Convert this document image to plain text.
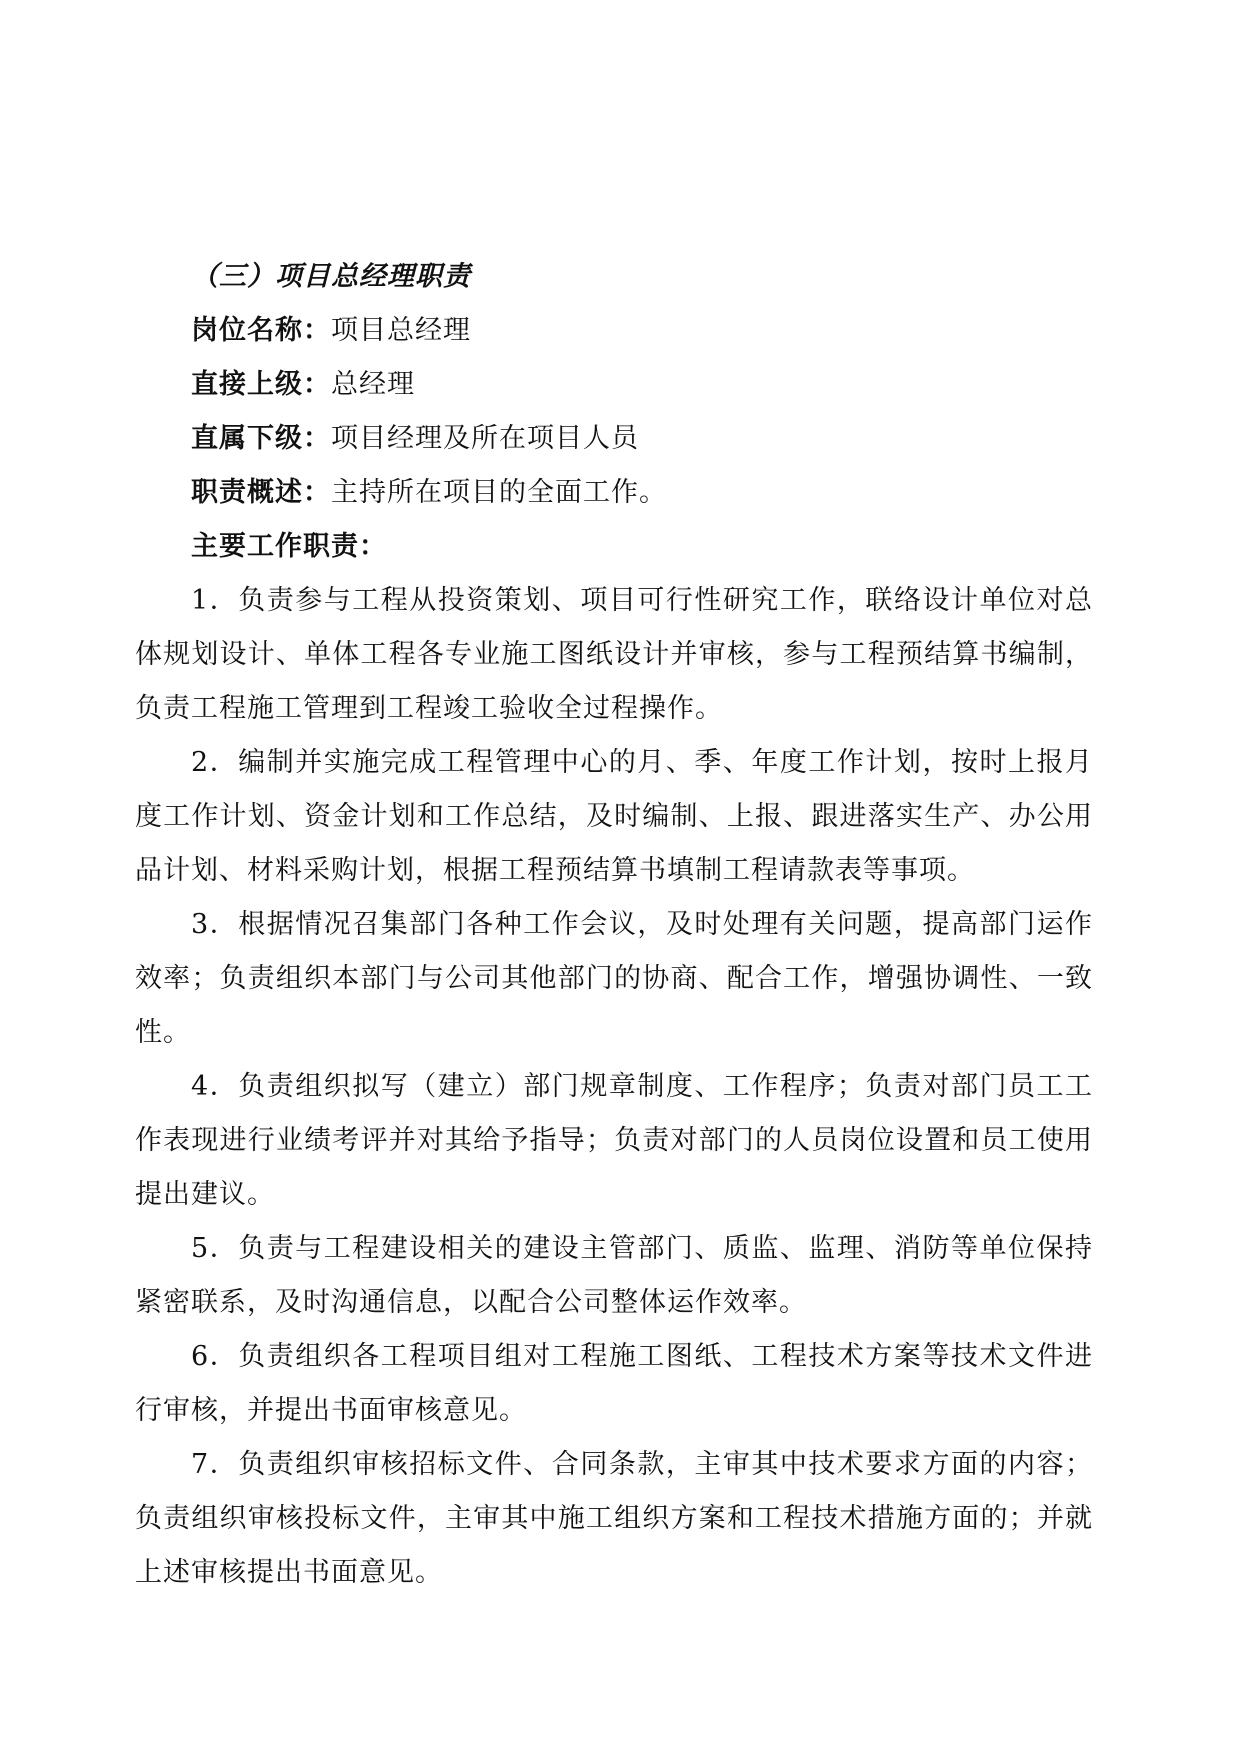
（三）项目总经理职责
岗位名称：项目总经理
直接上级：总经理
直属下级：项目经理及所在项目人员
职责概述：主持所在项目的全面工作。
主要工作职责：

1．负责参与工程从投资策划、项目可行性研究工作，联络设计单位对总体规划设计、单体工程各专业施工图纸设计并审核，参与工程预结算书编制，负责工程施工管理到工程竣工验收全过程操作。

2．编制并实施完成工程管理中心的月、季、年度工作计划，按时上报月度工作计划、资金计划和工作总结，及时编制、上报、跟进落实生产、办公用品计划、材料采购计划，根据工程预结算书填制工程请款表等事项。

3．根据情况召集部门各种工作会议，及时处理有关问题，提高部门运作效率；负责组织本部门与公司其他部门的协商、配合工作，增强协调性、一致性。

4．负责组织拟写（建立）部门规章制度、工作程序；负责对部门员工工作表现进行业绩考评并对其给予指导；负责对部门的人员岗位设置和员工使用提出建议。

5．负责与工程建设相关的建设主管部门、质监、监理、消防等单位保持紧密联系，及时沟通信息，以配合公司整体运作效率。

6．负责组织各工程项目组对工程施工图纸、工程技术方案等技术文件进行审核，并提出书面审核意见。

7．负责组织审核招标文件、合同条款，主审其中技术要求方面的内容；负责组织审核投标文件，主审其中施工组织方案和工程技术措施方面的；并就上述审核提出书面意见。
